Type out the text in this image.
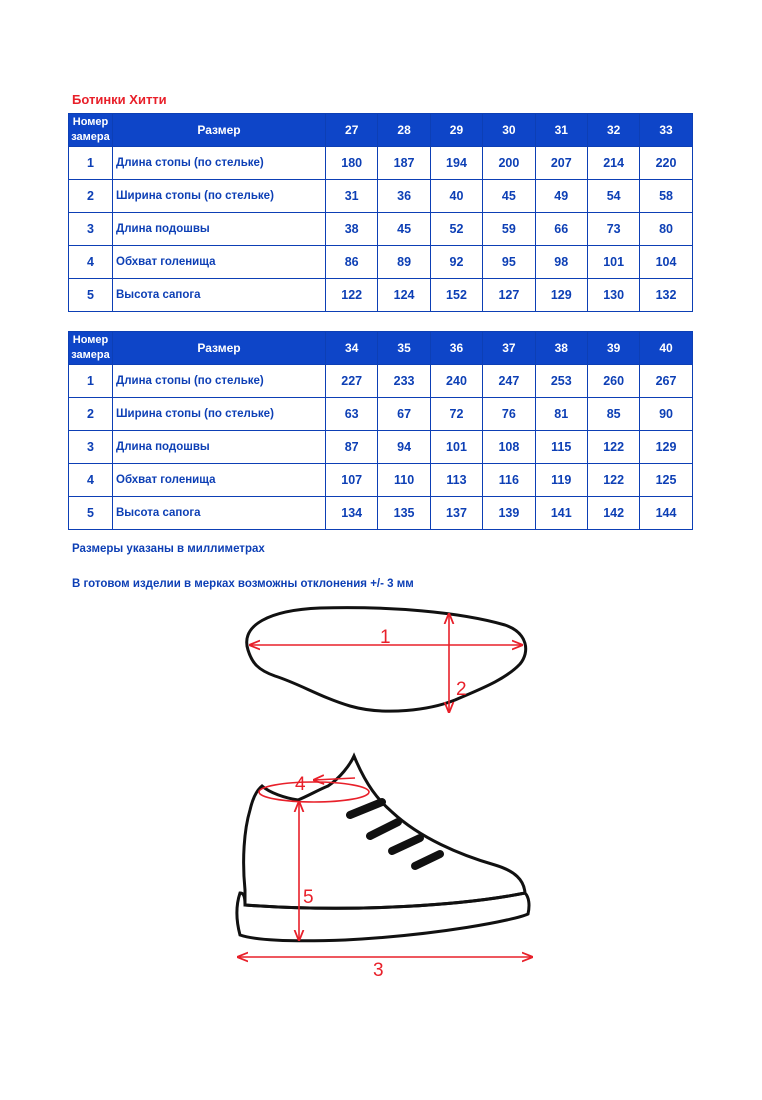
Ботинки Хитти
Номер
замера	Размер	27	28	29	30	31	32	33
1	Длина стопы (по стельке)	180	187	194	200	207	214	220
2	Ширина стопы (по стельке)	31	36	40	45	49	54	58
3	Длина подошвы	38	45	52	59	66	73	80
4	Обхват голенища	86	89	92	95	98	101	104
5	Высота сапога	122	124	152	127	129	130	132
Номер
замера	Размер	34	35	36	37	38	39	40
1	Длина стопы (по стельке)	227	233	240	247	253	260	267
2	Ширина стопы (по стельке)	63	67	72	76	81	85	90
3	Длина подошвы	87	94	101	108	115	122	129
4	Обхват голенища	107	110	113	116	119	122	125
5	Высота сапога	134	135	137	139	141	142	144
Размеры указаны в миллиметрах
В готовом изделии в мерках возможны отклонения +/- 3 мм
1
2
4
5
3
